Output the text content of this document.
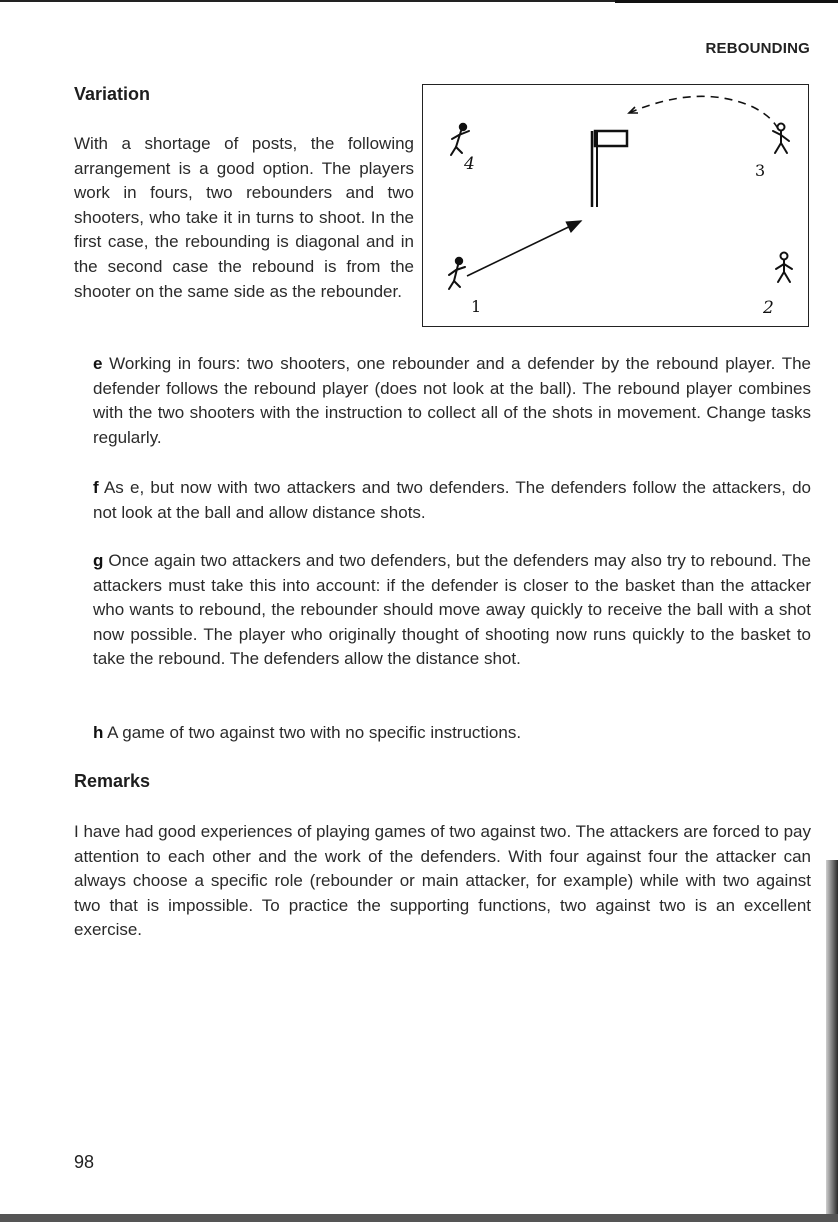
REBOUNDING
Variation
With a shortage of posts, the following arrangement is a good option. The players work in fours, two rebounders and two shooters, who take it in turns to shoot. In the first case, the rebounding is diagonal and in the second case the rebound is from the shooter on the same side as the rebounder.
4	3
1	2
e Working in fours: two shooters, one rebounder and a defender by the rebound player. The defender follows the rebound player (does not look at the ball). The rebound player combines with the two shooters with the instruction to collect all of the shots in movement. Change tasks regularly.
f As e, but now with two attackers and two defenders. The defenders follow the attackers, do not look at the ball and allow distance shots.
g Once again two attackers and two defenders, but the defenders may also try to rebound. The attackers must take this into account: if the defender is closer to the basket than the attacker who wants to rebound, the rebounder should move away quickly to receive the ball with a shot now possible. The player who originally thought of shooting now runs quickly to the basket to take the rebound. The defenders allow the distance shot.
h A game of two against two with no specific instructions.
Remarks
I have had good experiences of playing games of two against two. The attackers are forced to pay attention to each other and the work of the defenders. With four against four the attacker can always choose a specific role (rebounder or main attacker, for example) while with two against two that is impossible. To practice the supporting functions, two against two is an excellent exercise.
98
